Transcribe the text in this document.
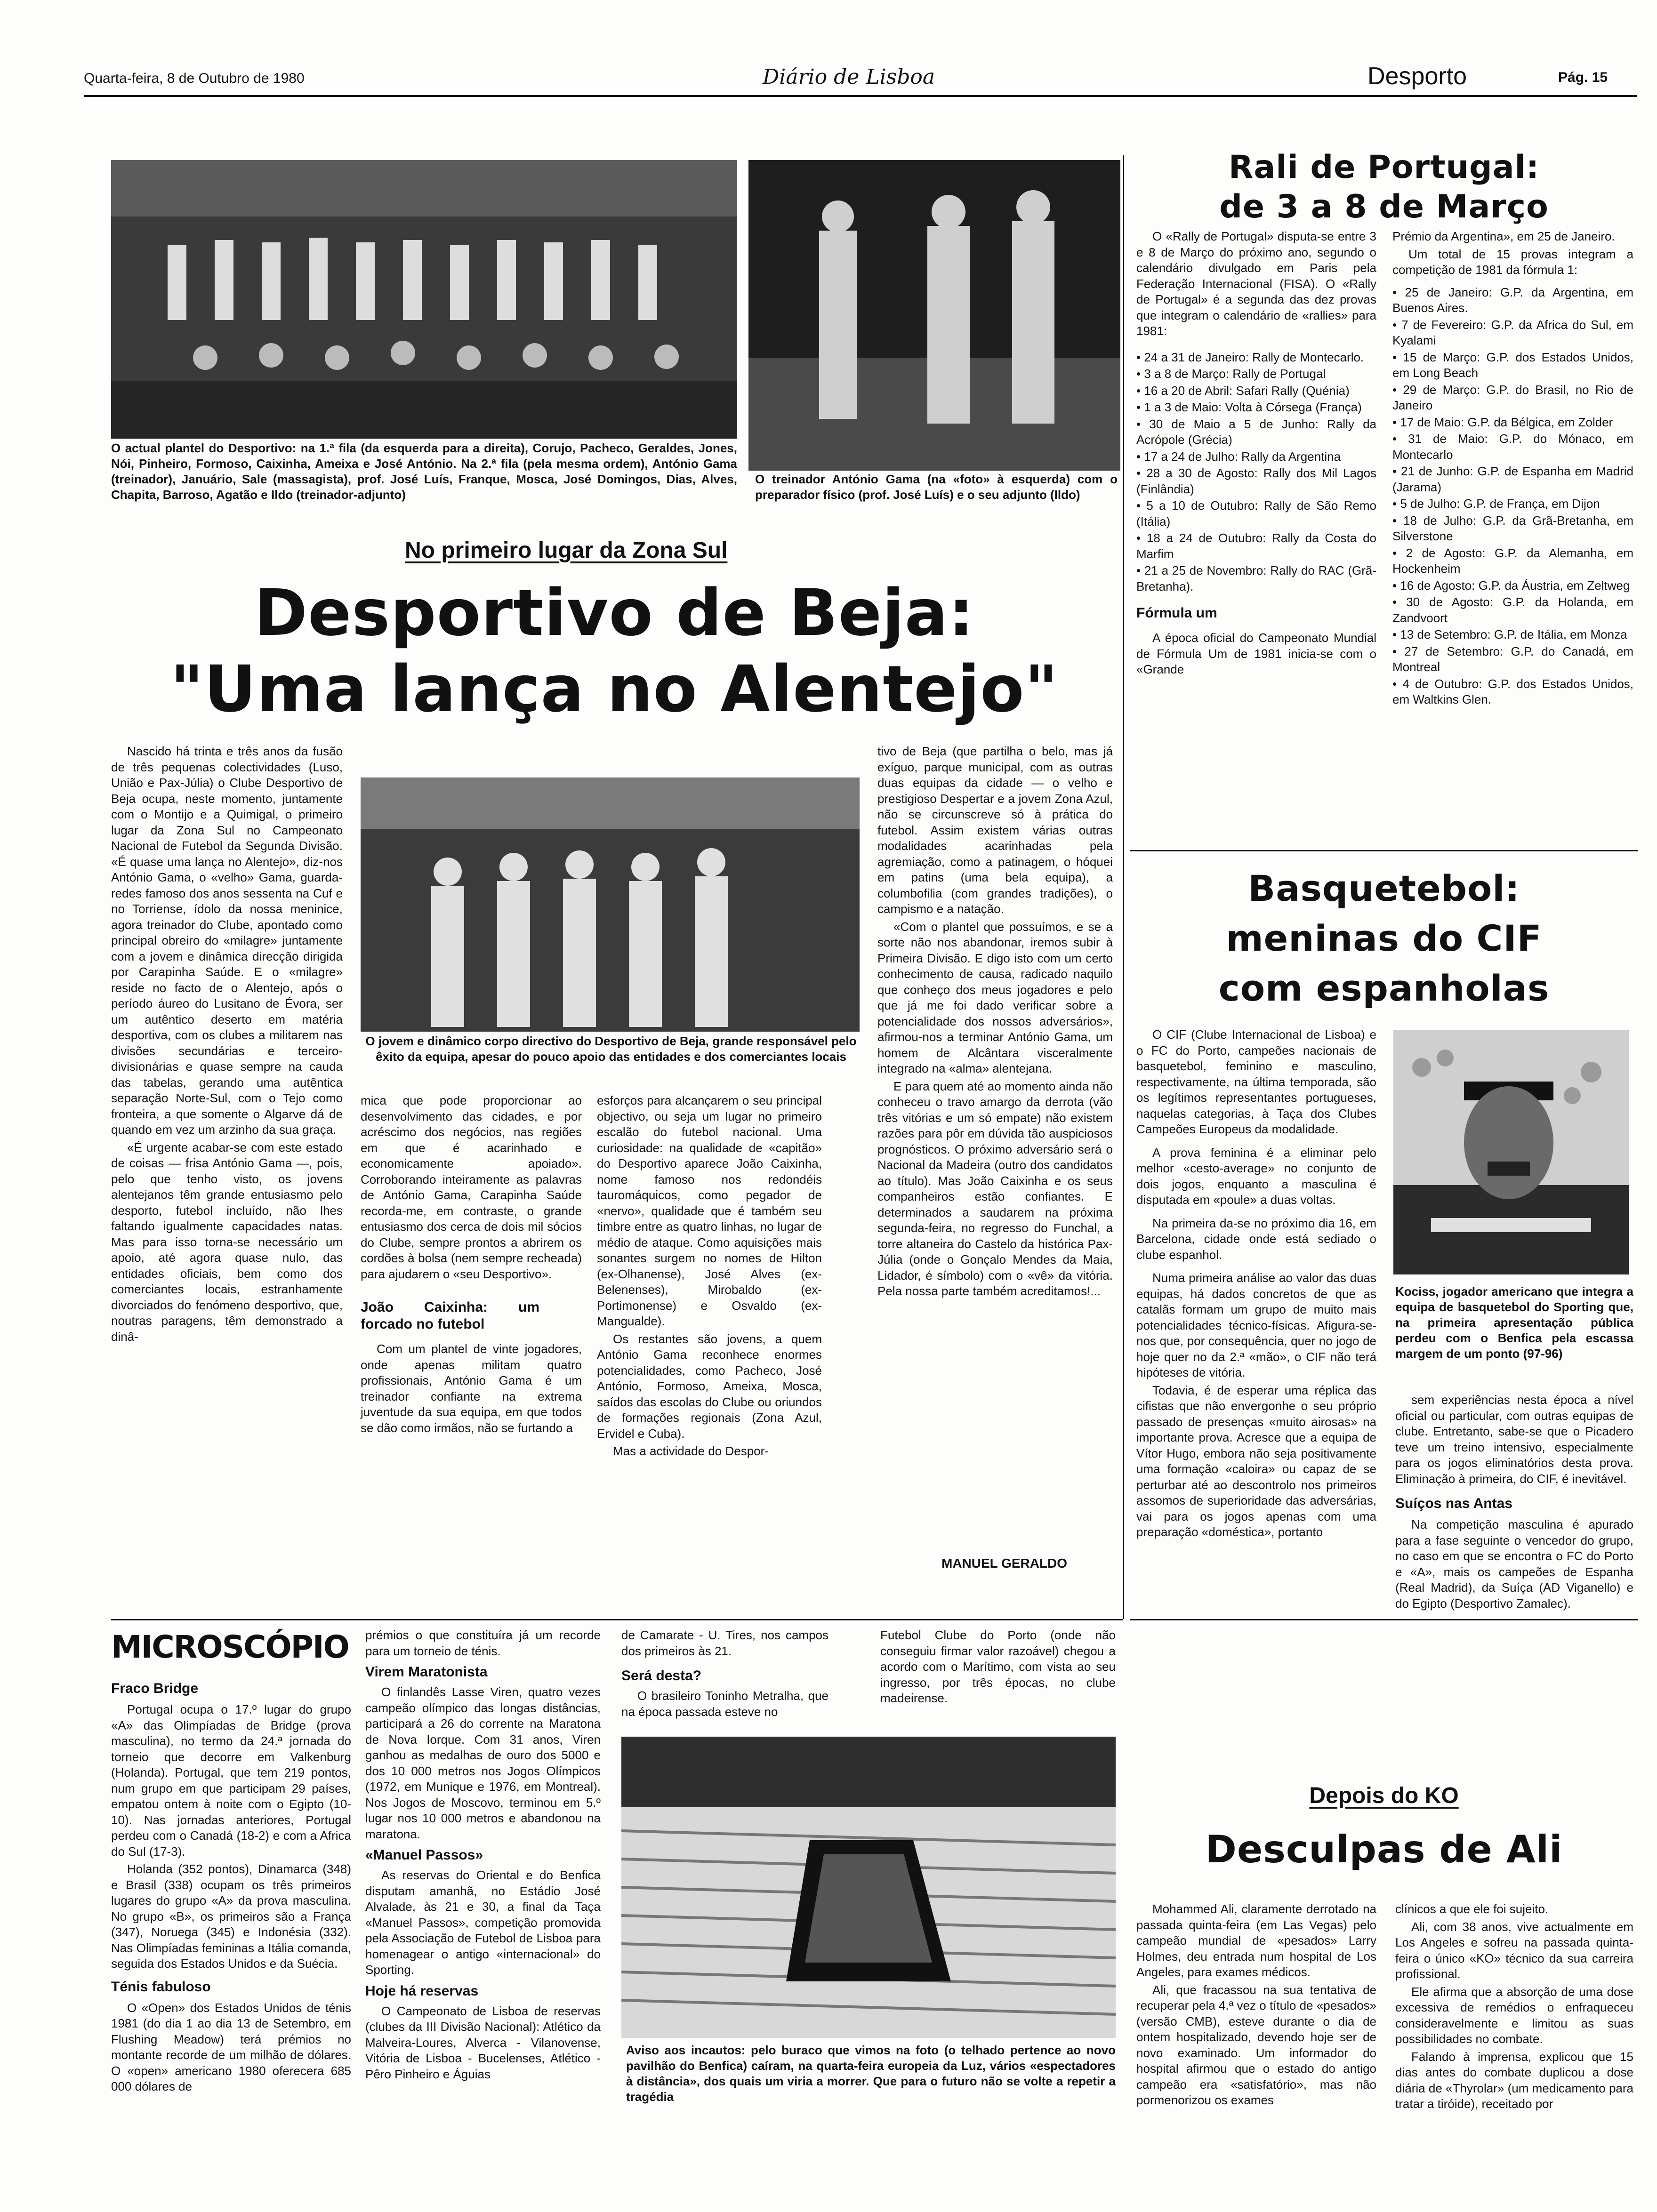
Quarta-feira, 8 de Outubro de 1980	Diário de Lisboa	Desporto	Pág. 15
O actual plantel do Desportivo: na 1.ª fila (da esquerda para a direita), Corujo, Pacheco, Geraldes, Jones, Nói, Pinheiro, Formoso, Caixinha, Ameixa e José António. Na 2.ª fila (pela mesma ordem), António Gama (treinador), Januário, Sale (massagista), prof. José Luís, Franque, Mosca, José Domingos, Dias, Alves, Chapita, Barroso, Agatão e Ildo (treinador-adjunto)
O treinador António Gama (na «foto» à esquerda) com o preparador físico (prof. José Luís) e o seu adjunto (Ildo)
No primeiro lugar da Zona Sul
Desportivo de Beja:
"Uma lança no Alentejo"

Nascido há trinta e três anos da fusão de três pequenas colectividades (Luso, União e Pax-Júlia) o Clube Desportivo de Beja ocupa, neste momento, juntamente com o Montijo e a Quimigal, o primeiro lugar da Zona Sul no Campeonato Nacional de Futebol da Segunda Divisão. «É quase uma lança no Alentejo», diz-nos António Gama, o «velho» Gama, guarda-redes famoso dos anos sessenta na Cuf e no Torriense, ídolo da nossa meninice, agora treinador do Clube, apontado como principal obreiro do «milagre» juntamente com a jovem e dinâmica direcção dirigida por Carapinha Saúde. E o «milagre» reside no facto de o Alentejo, após o período áureo do Lusitano de Évora, ser um autêntico deserto em matéria desportiva, com os clubes a militarem nas divisões secundárias e terceiro-divisionárias e quase sempre na cauda das tabelas, gerando uma autêntica separação Norte-Sul, com o Tejo como fronteira, a que somente o Algarve dá de quando em vez um arzinho da sua graça.

«É urgente acabar-se com este estado de coisas — frisa António Gama —, pois, pelo que tenho visto, os jovens alentejanos têm grande entusiasmo pelo desporto, futebol incluído, não lhes faltando igualmente capacidades natas. Mas para isso torna-se necessário um apoio, até agora quase nulo, das entidades oficiais, bem como dos comerciantes locais, estranhamente divorciados do fenómeno desportivo, que, noutras paragens, têm demonstrado a dinâ-

O jovem e dinâmico corpo directivo do Desportivo de Beja, grande responsável pelo êxito da equipa, apesar do pouco apoio das entidades e dos comerciantes locais

mica que pode proporcionar ao desenvolvimento das cidades, e por acréscimo dos negócios, nas regiões em que é acarinhado e economicamente apoiado». Corroborando inteiramente as palavras de António Gama, Carapinha Saúde recorda-me, em contraste, o grande entusiasmo dos cerca de dois mil sócios do Clube, sempre prontos a abrirem os cordões à bolsa (nem sempre recheada) para ajudarem o «seu Desportivo».

João Caixinha: um forcado no futebol

Com um plantel de vinte jogadores, onde apenas militam quatro profissionais, António Gama é um treinador confiante na extrema juventude da sua equipa, em que todos se dão como irmãos, não se furtando a

esforços para alcançarem o seu principal objectivo, ou seja um lugar no primeiro escalão do futebol nacional. Uma curiosidade: na qualidade de «capitão» do Desportivo aparece João Caixinha, nome famoso nos redondéis tauromáquicos, como pegador de «nervo», qualidade que é também seu timbre entre as quatro linhas, no lugar de médio de ataque. Como aquisições mais sonantes surgem no nomes de Hilton (ex-Olhanense), José Alves (ex-Belenenses), Mirobaldo (ex-Portimonense) e Osvaldo (ex-Mangualde).

Os restantes são jovens, a quem António Gama reconhece enormes potencialidades, como Pacheco, José António, Formoso, Ameixa, Mosca, saídos das escolas do Clube ou oriundos de formações regionais (Zona Azul, Ervidel e Cuba).

Mas a actividade do Despor-

tivo de Beja (que partilha o belo, mas já exíguo, parque municipal, com as outras duas equipas da cidade — o velho e prestigioso Despertar e a jovem Zona Azul, não se circunscreve só à prática do futebol. Assim existem várias outras modalidades acarinhadas pela agremiação, como a patinagem, o hóquei em patins (uma bela equipa), a columbofilia (com grandes tradições), o campismo e a natação.

«Com o plantel que possuímos, e se a sorte não nos abandonar, iremos subir à Primeira Divisão. E digo isto com um certo conhecimento de causa, radicado naquilo que conheço dos meus jogadores e pelo que já me foi dado verificar sobre a potencialidade dos nossos adversários», afirmou-nos a terminar António Gama, um homem de Alcântara visceralmente integrado na «alma» alentejana.

E para quem até ao momento ainda não conheceu o travo amargo da derrota (vão três vitórias e um só empate) não existem razões para pôr em dúvida tão auspiciosos prognósticos. O próximo adversário será o Nacional da Madeira (outro dos candidatos ao título). Mas João Caixinha e os seus companheiros estão confiantes. E determinados a saudarem na próxima segunda-feira, no regresso do Funchal, a torre altaneira do Castelo da histórica Pax-Júlia (onde o Gonçalo Mendes da Maia, Lidador, é símbolo) com o «vê» da vitória. Pela nossa parte também acreditamos!...

MANUEL GERALDO
Rali de Portugal:
de 3 a 8 de Março

O «Rally de Portugal» disputa-se entre 3 e 8 de Março do próximo ano, segundo o calendário divulgado em Paris pela Federação Internacional (FISA). O «Rally de Portugal» é a segunda das dez provas que integram o calendário de «rallies» para 1981:

• 24 a 31 de Janeiro: Rally de Montecarlo.
• 3 a 8 de Março: Rally de Portugal
• 16 a 20 de Abril: Safari Rally (Quénia)
• 1 a 3 de Maio: Volta à Córsega (França)
• 30 de Maio a 5 de Junho: Rally da Acrópole (Grécia)
• 17 a 24 de Julho: Rally da Argentina
• 28 a 30 de Agosto: Rally dos Mil Lagos (Finlândia)
• 5 a 10 de Outubro: Rally de São Remo (Itália)
• 18 a 24 de Outubro: Rally da Costa do Marfim
• 21 a 25 de Novembro: Rally do RAC (Grã-Bretanha).
Fórmula um

A época oficial do Campeonato Mundial de Fórmula Um de 1981 inicia-se com o «Grande

Prémio da Argentina», em 25 de Janeiro.

Um total de 15 provas integram a competição de 1981 da fórmula 1:

• 25 de Janeiro: G.P. da Argentina, em Buenos Aires.
• 7 de Fevereiro: G.P. da Africa do Sul, em Kyalami
• 15 de Março: G.P. dos Estados Unidos, em Long Beach
• 29 de Março: G.P. do Brasil, no Rio de Janeiro
• 17 de Maio: G.P. da Bélgica, em Zolder
• 31 de Maio: G.P. do Mónaco, em Montecarlo
• 21 de Junho: G.P. de Espanha em Madrid (Jarama)
• 5 de Julho: G.P. de França, em Dijon
• 18 de Julho: G.P. da Grã-Bretanha, em Silverstone
• 2 de Agosto: G.P. da Alemanha, em Hockenheim
• 16 de Agosto: G.P. da Áustria, em Zeltweg
• 30 de Agosto: G.P. da Holanda, em Zandvoort
• 13 de Setembro: G.P. de Itália, em Monza
• 27 de Setembro: G.P. do Canadá, em Montreal
• 4 de Outubro: G.P. dos Estados Unidos, em Waltkins Glen.
Basquetebol:
meninas do CIF
com espanholas

O CIF (Clube Internacional de Lisboa) e o FC do Porto, campeões nacionais de basquetebol, feminino e masculino, respectivamente, na última temporada, são os legítimos representantes portugueses, naquelas categorias, à Taça dos Clubes Campeões Europeus da modalidade.

A prova feminina é a eliminar pelo melhor «cesto-average» no conjunto de dois jogos, enquanto a masculina é disputada em «poule» a duas voltas.

Na primeira da-se no próximo dia 16, em Barcelona, cidade onde está sediado o clube espanhol.

Numa primeira análise ao valor das duas equipas, há dados concretos de que as catalãs formam um grupo de muito mais potencialidades técnico-físicas. Afigura-se-nos que, por consequência, quer no jogo de hoje quer no da 2.ª «mão», o CIF não terá hipóteses de vitória.

Todavia, é de esperar uma réplica das cifistas que não envergonhe o seu próprio passado de presenças «muito airosas» na importante prova. Acresce que a equipa de Vítor Hugo, embora não seja positivamente uma formação «caloira» ou capaz de se perturbar até ao descontrolo nos primeiros assomos de superioridade das adversárias, vai para os jogos apenas com uma preparação «doméstica», portanto

Kociss, jogador americano que integra a equipa de basquetebol do Sporting que, na primeira apresentação pública perdeu com o Benfica pela escassa margem de um ponto (97-96)

sem experiências nesta época a nível oficial ou particular, com outras equipas de clube. Entretanto, sabe-se que o Picadero teve um treino intensivo, especialmente para os jogos eliminatórios desta prova. Eliminação à primeira, do CIF, é inevitável.

Suíços nas Antas

Na competição masculina é apurado para a fase seguinte o vencedor do grupo, no caso em que se encontra o FC do Porto e «A», mais os campeões de Espanha (Real Madrid), da Suíça (AD Viganello) e do Egipto (Desportivo Zamalec).

MICROSCÓPIO
Fraco Bridge

Portugal ocupa o 17.º lugar do grupo «A» das Olimpíadas de Bridge (prova masculina), no termo da 24.ª jornada do torneio que decorre em Valkenburg (Holanda). Portugal, que tem 219 pontos, num grupo em que participam 29 países, empatou ontem à noite com o Egipto (10-10). Nas jornadas anteriores, Portugal perdeu com o Canadá (18-2) e com a Africa do Sul (17-3).

Holanda (352 pontos), Dinamarca (348) e Brasil (338) ocupam os três primeiros lugares do grupo «A» da prova masculina. No grupo «B», os primeiros são a França (347), Noruega (345) e Indonésia (332). Nas Olimpíadas femininas a Itália comanda, seguida dos Estados Unidos e da Suécia.

Ténis fabuloso

O «Open» dos Estados Unidos de ténis 1981 (do dia 1 ao dia 13 de Setembro, em Flushing Meadow) terá prémios no montante recorde de um milhão de dólares. O «open» americano 1980 oferecera 685 000 dólares de

prémios o que constituíra já um recorde para um torneio de ténis.

Virem Maratonista

O finlandês Lasse Viren, quatro vezes campeão olímpico das longas distâncias, participará a 26 do corrente na Maratona de Nova Iorque. Com 31 anos, Viren ganhou as medalhas de ouro dos 5000 e dos 10 000 metros nos Jogos Olímpicos (1972, em Munique e 1976, em Montreal). Nos Jogos de Moscovo, terminou em 5.º lugar nos 10 000 metros e abandonou na maratona.

«Manuel Passos»

As reservas do Oriental e do Benfica disputam amanhã, no Estádio José Alvalade, às 21 e 30, a final da Taça «Manuel Passos», competição promovida pela Associação de Futebol de Lisboa para homenagear o antigo «internacional» do Sporting.

Hoje há reservas

O Campeonato de Lisboa de reservas (clubes da III Divisão Nacional): Atlético da Malveira-Loures, Alverca - Vilanovense, Vitória de Lisboa - Bucelenses, Atlético - Pêro Pinheiro e Águias

de Camarate - U. Tires, nos campos dos primeiros às 21.

Será desta?

O brasileiro Toninho Metralha, que na época passada esteve no

Futebol Clube do Porto (onde não conseguiu firmar valor razoável) chegou a acordo com o Marítimo, com vista ao seu ingresso, por três épocas, no clube madeirense.

Aviso aos incautos: pelo buraco que vimos na foto (o telhado pertence ao novo pavilhão do Benfica) caíram, na quarta-feira europeia da Luz, vários «espectadores à distância», dos quais um viria a morrer. Que para o futuro não se volte a repetir a tragédia
Depois do KO
Desculpas de Ali

Mohammed Ali, claramente derrotado na passada quinta-feira (em Las Vegas) pelo campeão mundial de «pesados» Larry Holmes, deu entrada num hospital de Los Angeles, para exames médicos.

Ali, que fracassou na sua tentativa de recuperar pela 4.ª vez o título de «pesados» (versão CMB), esteve durante o dia de ontem hospitalizado, devendo hoje ser de novo examinado. Um informador do hospital afirmou que o estado do antigo campeão era «satisfatório», mas não pormenorizou os exames

clínicos a que ele foi sujeito.

Ali, com 38 anos, vive actualmente em Los Angeles e sofreu na passada quinta-feira o único «KO» técnico da sua carreira profissional.

Ele afirma que a absorção de uma dose excessiva de remédios o enfraqueceu consideravelmente e limitou as suas possibilidades no combate.

Falando à imprensa, explicou que 15 dias antes do combate duplicou a dose diária de «Thyrolar» (um medicamento para tratar a tiróide), receitado por
